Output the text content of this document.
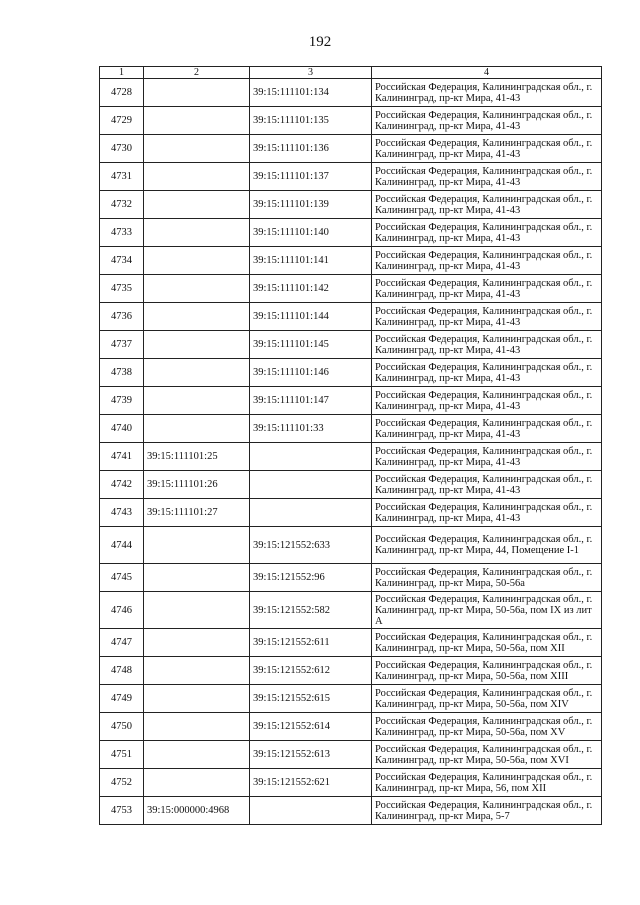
192
1	2	3	4
4728		39:15:111101:134	Российская Федерация, Калининградская обл., г. Калининград, пр-кт Мира, 41-43
4729		39:15:111101:135	Российская Федерация, Калининградская обл., г. Калининград, пр-кт Мира, 41-43
4730		39:15:111101:136	Российская Федерация, Калининградская обл., г. Калининград, пр-кт Мира, 41-43
4731		39:15:111101:137	Российская Федерация, Калининградская обл., г. Калининград, пр-кт Мира, 41-43
4732		39:15:111101:139	Российская Федерация, Калининградская обл., г. Калининград, пр-кт Мира, 41-43
4733		39:15:111101:140	Российская Федерация, Калининградская обл., г. Калининград, пр-кт Мира, 41-43
4734		39:15:111101:141	Российская Федерация, Калининградская обл., г. Калининград, пр-кт Мира, 41-43
4735		39:15:111101:142	Российская Федерация, Калининградская обл., г. Калининград, пр-кт Мира, 41-43
4736		39:15:111101:144	Российская Федерация, Калининградская обл., г. Калининград, пр-кт Мира, 41-43
4737		39:15:111101:145	Российская Федерация, Калининградская обл., г. Калининград, пр-кт Мира, 41-43
4738		39:15:111101:146	Российская Федерация, Калининградская обл., г. Калининград, пр-кт Мира, 41-43
4739		39:15:111101:147	Российская Федерация, Калининградская обл., г. Калининград, пр-кт Мира, 41-43
4740		39:15:111101:33	Российская Федерация, Калининградская обл., г. Калининград, пр-кт Мира, 41-43
4741	39:15:111101:25		Российская Федерация, Калининградская обл., г. Калининград, пр-кт Мира, 41-43
4742	39:15:111101:26		Российская Федерация, Калининградская обл., г. Калининград, пр-кт Мира, 41-43
4743	39:15:111101:27		Российская Федерация, Калининградская обл., г. Калининград, пр-кт Мира, 41-43
4744		39:15:121552:633	Российская Федерация, Калининградская обл., г. Калининград, пр-кт Мира, 44, Помещение I-1
4745		39:15:121552:96	Российская Федерация, Калининградская обл., г. Калининград, пр-кт Мира, 50-56а
4746		39:15:121552:582	Российская Федерация, Калининградская обл., г. Калининград, пр-кт Мира, 50-56а, пом IX из лит А
4747		39:15:121552:611	Российская Федерация, Калининградская обл., г. Калининград, пр-кт Мира, 50-56а, пом XII
4748		39:15:121552:612	Российская Федерация, Калининградская обл., г. Калининград, пр-кт Мира, 50-56а, пом XIII
4749		39:15:121552:615	Российская Федерация, Калининградская обл., г. Калининград, пр-кт Мира, 50-56а, пом XIV
4750		39:15:121552:614	Российская Федерация, Калининградская обл., г. Калининград, пр-кт Мира, 50-56а, пом XV
4751		39:15:121552:613	Российская Федерация, Калининградская обл., г. Калининград, пр-кт Мира, 50-56а, пом XVI
4752		39:15:121552:621	Российская Федерация, Калининградская обл., г. Калининград, пр-кт Мира, 56, пом XII
4753	39:15:000000:4968		Российская Федерация, Калининградская обл., г. Калининград, пр-кт Мира, 5-7
